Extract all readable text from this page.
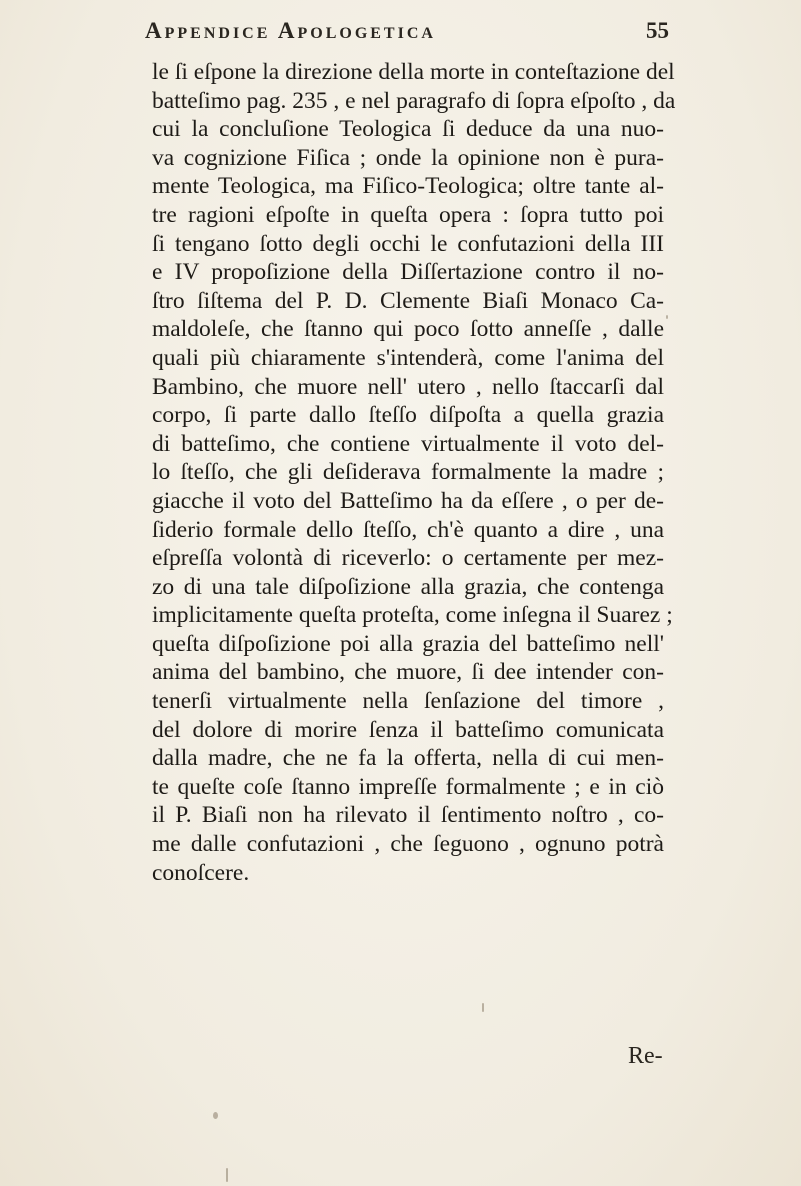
Appendice Apologetica	55
le ſi eſpone la direzione della morte in conteſtazione del
batteſimo pag. 235 , e nel paragrafo di ſopra eſpoſto , da
cui la concluſione Teologica ſi deduce da una nuo-
va cognizione Fiſica ; onde la opinione non è pura-
mente Teologica, ma Fiſico-Teologica; oltre tante al-
tre ragioni eſpoſte in queſta opera : ſopra tutto poi
ſi tengano ſotto degli occhi le confutazioni della III
e IV propoſizione della Diſſertazione contro il no-
ſtro ſiſtema del P. D. Clemente Biaſi Monaco Ca-
maldoleſe, che ſtanno qui poco ſotto anneſſe , dalle
quali più chiaramente s'intenderà, come l'anima del
Bambino, che muore nell' utero , nello ſtaccarſi dal
corpo, ſi parte dallo ſteſſo diſpoſta a quella grazia
di batteſimo, che contiene virtualmente il voto del-
lo ſteſſo, che gli deſiderava formalmente la madre ;
giacche il voto del Batteſimo ha da eſſere , o per de-
ſiderio formale dello ſteſſo, ch'è quanto a dire , una
eſpreſſa volontà di riceverlo: o certamente per mez-
zo di una tale diſpoſizione alla grazia, che contenga
implicitamente queſta proteſta, come inſegna il Suarez ;
queſta diſpoſizione poi alla grazia del batteſimo nell'
anima del bambino, che muore, ſi dee intender con-
tenerſi virtualmente nella ſenſazione del timore ,
del dolore di morire ſenza il batteſimo comunicata
dalla madre, che ne fa la offerta, nella di cui men-
te queſte coſe ſtanno impreſſe formalmente ; e in ciò
il P. Biaſi non ha rilevato il ſentimento noſtro , co-
me dalle confutazioni , che ſeguono , ognuno potrà
conoſcere.
Re-
